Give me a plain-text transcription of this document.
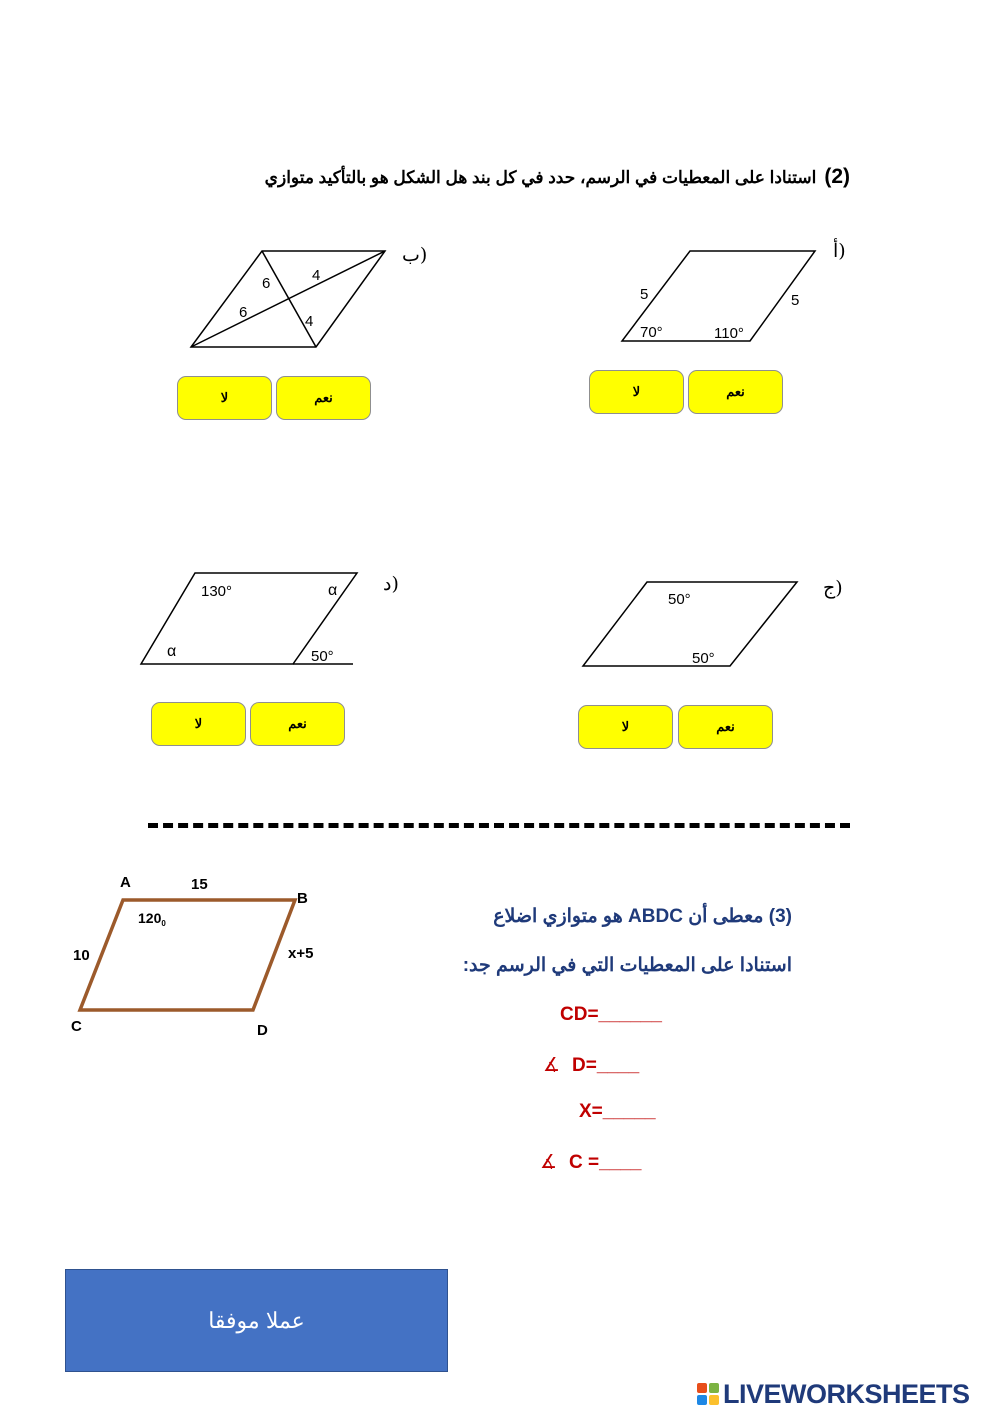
(2)استنادا على المعطيات في الرسم، حدد في كل بند هل الشكل هو بالتأكيد متوازي
أ)
5	5
70°	110°
لا	نعم
ب)
6
6
4
4
لا	نعم
ج)
50°
50°
لا	نعم
د)
130°	α
α	50°
لا	نعم
A
B
C	D
15
10	x+5
$120_0$	(3) معطى أن ABDC هو متوازي اضلاع
استنادا على المعطيات التي في الرسم جد:
CD=______
∡ D=____
X=_____
∡ C =____
عملا موفقا
LIVEWORKSHEETS
